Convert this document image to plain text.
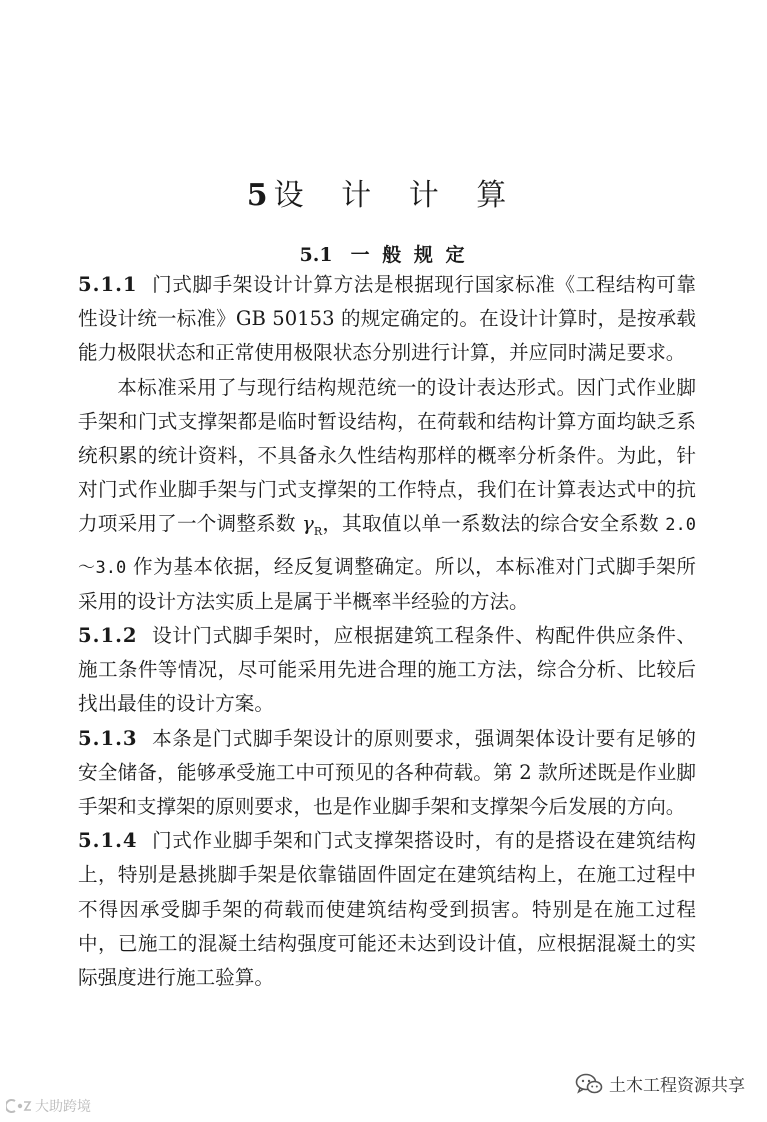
5 设 计 计 算
5.1 一 般 规 定

5.1.1 门式脚手架设计计算方法是根据现行国家标准《工程结构可靠性设计统一标准》GB 50153 的规定确定的。在设计计算时，是按承载能力极限状态和正常使用极限状态分别进行计算，并应同时满足要求。

本标准采用了与现行结构规范统一的设计表达形式。因门式作业脚手架和门式支撑架都是临时暂设结构，在荷载和结构计算方面均缺乏系统积累的统计资料，不具备永久性结构那样的概率分析条件。为此，针对门式作业脚手架与门式支撑架的工作特点，我们在计算表达式中的抗力项采用了一个调整系数 $\gamma_R$，其取值以单一系数法的综合安全系数 2.0～3.0 作为基本依据，经反复调整确定。所以，本标准对门式脚手架所采用的设计方法实质上是属于半概率半经验的方法。

5.1.2 设计门式脚手架时，应根据建筑工程条件、构配件供应条件、施工条件等情况，尽可能采用先进合理的施工方法，综合分析、比较后找出最佳的设计方案。

5.1.3 本条是门式脚手架设计的原则要求，强调架体设计要有足够的安全储备，能够承受施工中可预见的各种荷载。第 2 款所述既是作业脚手架和支撑架的原则要求，也是作业脚手架和支撑架今后发展的方向。

5.1.4 门式作业脚手架和门式支撑架搭设时，有的是搭设在建筑结构上，特别是悬挑脚手架是依靠锚固件固定在建筑结构上，在施工过程中不得因承受脚手架的荷载而使建筑结构受到损害。特别是在施工过程中，已施工的混凝土结构强度可能还未达到设计值，应根据混凝土的实际强度进行施工验算。

大助跨境
土木工程资源共享
